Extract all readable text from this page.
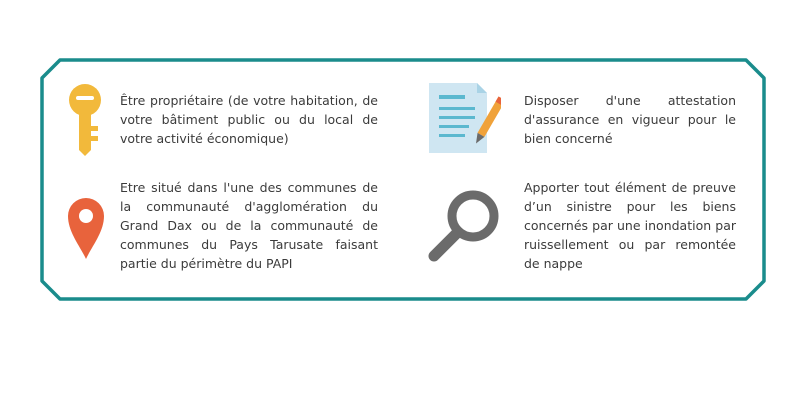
Être propriétaire (de votre habitation, de votre bâtiment public ou du local de votre activité économique)

Disposer d'une attestation d'assurance en vigueur pour le bien concerné

Etre situé dans l'une des communes de la communauté d'agglomération du Grand Dax ou de la communauté de communes du Pays Tarusate faisant partie du périmètre du PAPI

Apporter tout élément de preuve d’un sinistre pour les biens concernés par une inondation par ruissellement ou par remontée de nappe
